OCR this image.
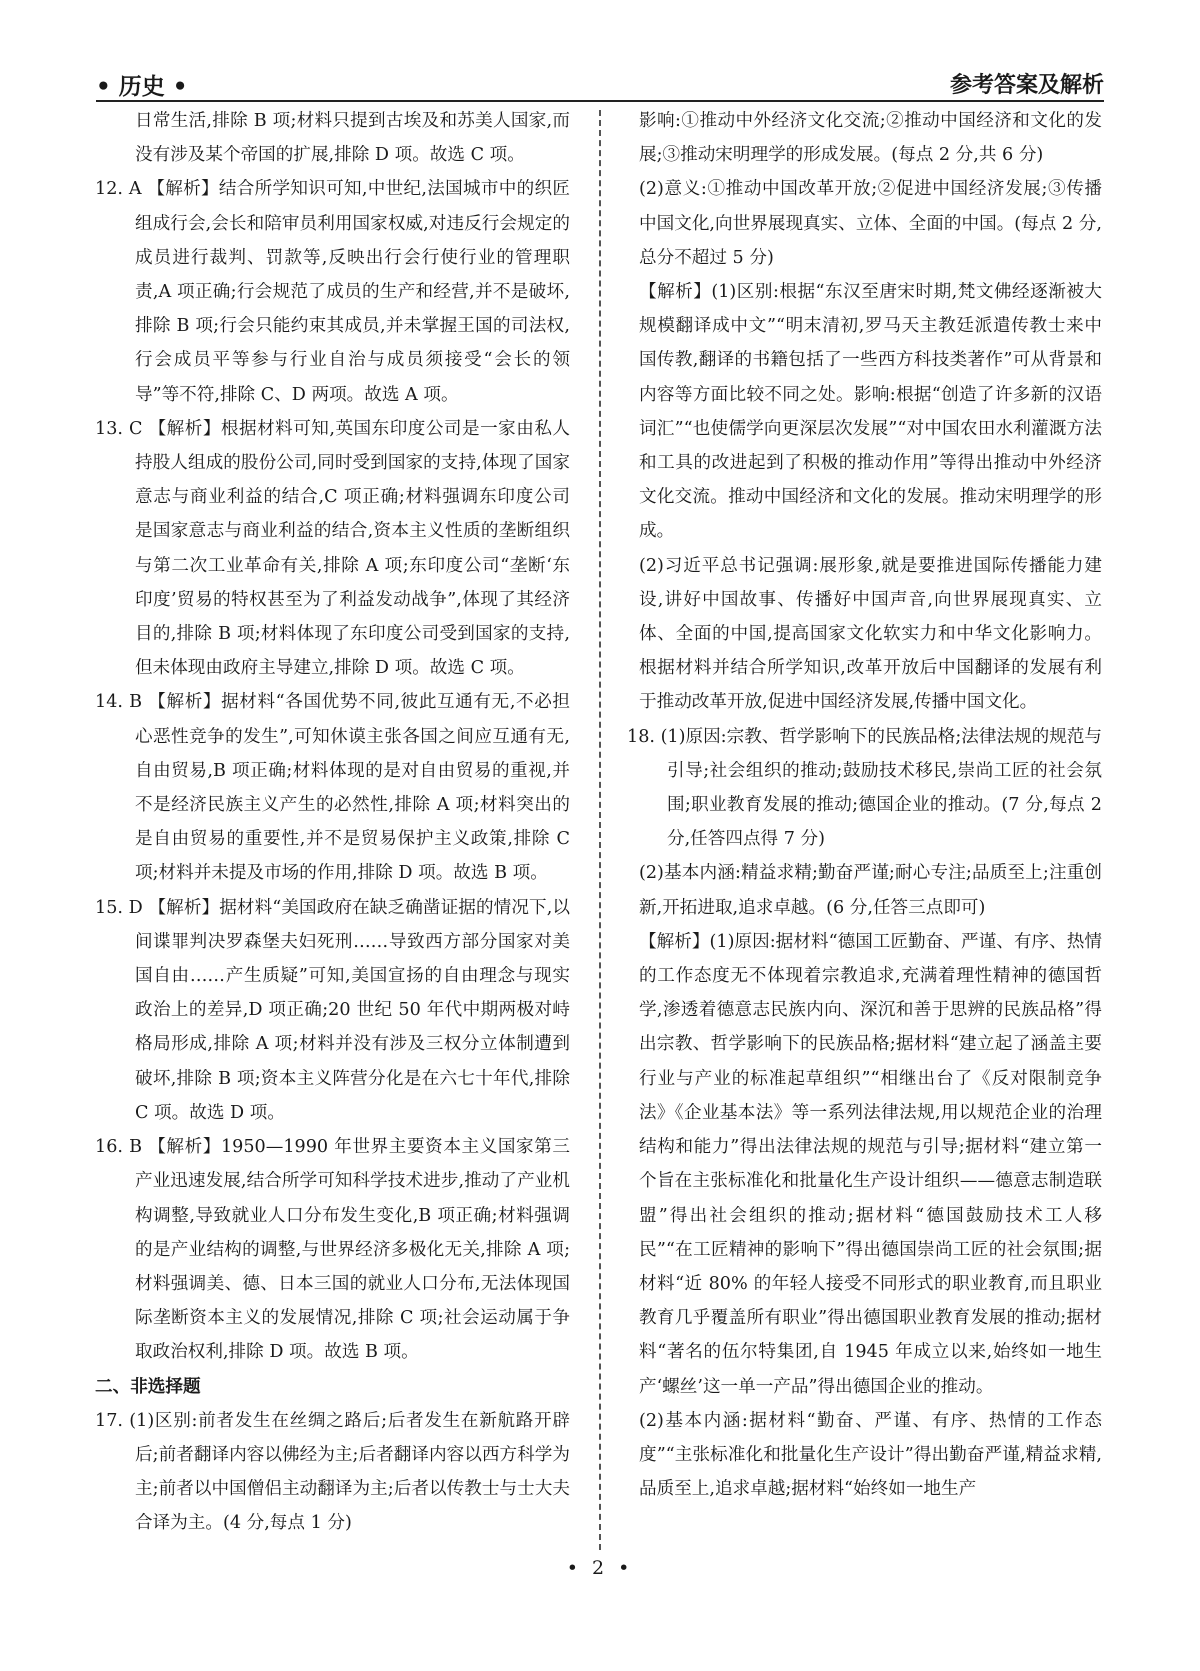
• 历史 •	参考答案及解析

日常生活,排除 B 项;材料只提到古埃及和苏美人国家,而没有涉及某个帝国的扩展,排除 D 项。故选 C 项。

12. A 【解析】结合所学知识可知,中世纪,法国城市中的织匠组成行会,会长和陪审员利用国家权威,对违反行会规定的成员进行裁判、罚款等,反映出行会行使行业的管理职责,A 项正确;行会规范了成员的生产和经营,并不是破坏,排除 B 项;行会只能约束其成员,并未掌握王国的司法权,行会成员平等参与行业自治与成员须接受“会长的领导”等不符,排除 C、D 两项。故选 A 项。

13. C 【解析】根据材料可知,英国东印度公司是一家由私人持股人组成的股份公司,同时受到国家的支持,体现了国家意志与商业利益的结合,C 项正确;材料强调东印度公司是国家意志与商业利益的结合,资本主义性质的垄断组织与第二次工业革命有关,排除 A 项;东印度公司“垄断‘东印度’贸易的特权甚至为了利益发动战争”,体现了其经济目的,排除 B 项;材料体现了东印度公司受到国家的支持,但未体现由政府主导建立,排除 D 项。故选 C 项。

14. B 【解析】据材料“各国优势不同,彼此互通有无,不必担心恶性竞争的发生”,可知休谟主张各国之间应互通有无,自由贸易,B 项正确;材料体现的是对自由贸易的重视,并不是经济民族主义产生的必然性,排除 A 项;材料突出的是自由贸易的重要性,并不是贸易保护主义政策,排除 C 项;材料并未提及市场的作用,排除 D 项。故选 B 项。

15. D 【解析】据材料“美国政府在缺乏确凿证据的情况下,以间谍罪判决罗森堡夫妇死刑……导致西方部分国家对美国自由……产生质疑”可知,美国宣扬的自由理念与现实政治上的差异,D 项正确;20 世纪 50 年代中期两极对峙格局形成,排除 A 项;材料并没有涉及三权分立体制遭到破坏,排除 B 项;资本主义阵营分化是在六七十年代,排除 C 项。故选 D 项。

16. B 【解析】1950—1990 年世界主要资本主义国家第三产业迅速发展,结合所学可知科学技术进步,推动了产业机构调整,导致就业人口分布发生变化,B 项正确;材料强调的是产业结构的调整,与世界经济多极化无关,排除 A 项;材料强调美、德、日本三国的就业人口分布,无法体现国际垄断资本主义的发展情况,排除 C 项;社会运动属于争取政治权利,排除 D 项。故选 B 项。

二、非选择题

17. (1)区别:前者发生在丝绸之路后;后者发生在新航路开辟后;前者翻译内容以佛经为主;后者翻译内容以西方科学为主;前者以中国僧侣主动翻译为主;后者以传教士与士大夫合译为主。(4 分,每点 1 分)

影响:①推动中外经济文化交流;②推动中国经济和文化的发展;③推动宋明理学的形成发展。(每点 2 分,共 6 分)

(2)意义:①推动中国改革开放;②促进中国经济发展;③传播中国文化,向世界展现真实、立体、全面的中国。(每点 2 分,总分不超过 5 分)

【解析】(1)区别:根据“东汉至唐宋时期,梵文佛经逐渐被大规模翻译成中文”“明末清初,罗马天主教廷派遣传教士来中国传教,翻译的书籍包括了一些西方科技类著作”可从背景和内容等方面比较不同之处。影响:根据“创造了许多新的汉语词汇”“也使儒学向更深层次发展”“对中国农田水利灌溉方法和工具的改进起到了积极的推动作用”等得出推动中外经济文化交流。推动中国经济和文化的发展。推动宋明理学的形成。

(2)习近平总书记强调:展形象,就是要推进国际传播能力建设,讲好中国故事、传播好中国声音,向世界展现真实、立体、全面的中国,提高国家文化软实力和中华文化影响力。根据材料并结合所学知识,改革开放后中国翻译的发展有利于推动改革开放,促进中国经济发展,传播中国文化。

18. (1)原因:宗教、哲学影响下的民族品格;法律法规的规范与引导;社会组织的推动;鼓励技术移民,崇尚工匠的社会氛围;职业教育发展的推动;德国企业的推动。(7 分,每点 2 分,任答四点得 7 分)

(2)基本内涵:精益求精;勤奋严谨;耐心专注;品质至上;注重创新,开拓进取,追求卓越。(6 分,任答三点即可)

【解析】(1)原因:据材料“德国工匠勤奋、严谨、有序、热情的工作态度无不体现着宗教追求,充满着理性精神的德国哲学,渗透着德意志民族内向、深沉和善于思辨的民族品格”得出宗教、哲学影响下的民族品格;据材料“建立起了涵盖主要行业与产业的标准起草组织”“相继出台了《反对限制竞争法》《企业基本法》等一系列法律法规,用以规范企业的治理结构和能力”得出法律法规的规范与引导;据材料“建立第一个旨在主张标准化和批量化生产设计组织——德意志制造联盟”得出社会组织的推动;据材料“德国鼓励技术工人移民”“在工匠精神的影响下”得出德国崇尚工匠的社会氛围;据材料“近 80% 的年轻人接受不同形式的职业教育,而且职业教育几乎覆盖所有职业”得出德国职业教育发展的推动;据材料“著名的伍尔特集团,自 1945 年成立以来,始终如一地生产‘螺丝’这一单一产品”得出德国企业的推动。

(2)基本内涵:据材料“勤奋、严谨、有序、热情的工作态度”“主张标准化和批量化生产设计”得出勤奋严谨,精益求精,品质至上,追求卓越;据材料“始终如一地生产

• 2 •
